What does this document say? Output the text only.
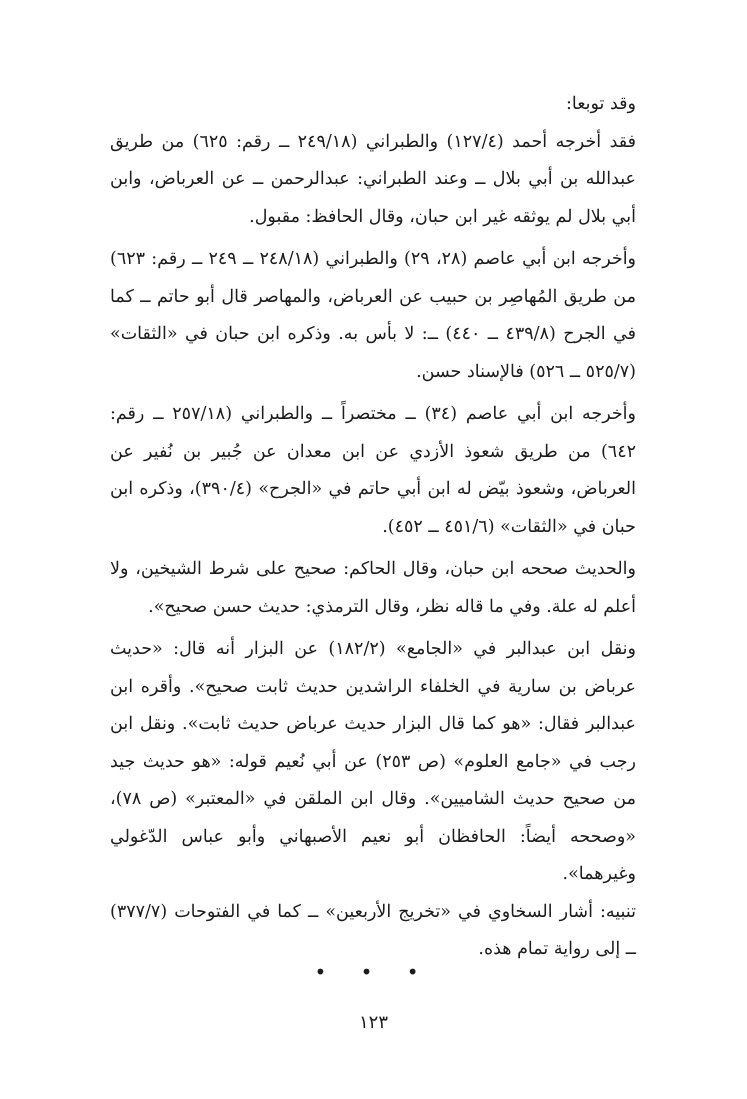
وقد توبعا:

فقد أخرجه أحمد (١٢٧/٤) والطبراني (٢٤٩/١٨ ــ رقم: ٦٢٥) من طريق عبدالله بن أبي بلال ــ وعند الطبراني: عبدالرحمن ــ عن العرباض، وابن أبي بلال لم يوثقه غير ابن حبان، وقال الحافظ: مقبول.

وأخرجه ابن أبي عاصم (٢٨، ٢٩) والطبراني (٢٤٨/١٨ ــ ٢٤٩ ــ رقم: ٦٢٣) من طريق المُهاصِر بن حبيب عن العرباض، والمهاصر قال أبو حاتم ــ كما في الجرح (٤٣٩/٨ ــ ٤٤٠) ــ: لا بأس به. وذكره ابن حبان في «الثقات» (٥٢٥/٧ ــ ٥٢٦) فالإسناد حسن.

وأخرجه ابن أبي عاصم (٣٤) ــ مختصراً ــ والطبراني (٢٥٧/١٨ ــ رقم: ٦٤٢) من طريق شعوذ الأزدي عن ابن معدان عن جُبير بن نُفير عن العرباض، وشعوذ بيّض له ابن أبي حاتم في «الجرح» (٣٩٠/٤)، وذكره ابن حبان في «الثقات» (٤٥١/٦ ــ ٤٥٢).

والحديث صححه ابن حبان، وقال الحاكم: صحيح على شرط الشيخين، ولا أعلم له علة. وفي ما قاله نظر، وقال الترمذي: حديث حسن صحيح».

ونقل ابن عبدالبر في «الجامع» (١٨٢/٢) عن البزار أنه قال: «حديث عرباض بن سارية في الخلفاء الراشدين حديث ثابت صحيح». وأقره ابن عبدالبر فقال: «هو كما قال البزار حديث عرباض حديث ثابت». ونقل ابن رجب في «جامع العلوم» (ص ٢٥٣) عن أبي نُعيم قوله: «هو حديث جيد من صحيح حديث الشاميين». وقال ابن الملقن في «المعتبر» (ص ٧٨)، «وصححه أيضاً: الحافظان أبو نعيم الأصبهاني وأبو عباس الدّغولي وغيرهما».

تنبيه: أشار السخاوي في «تخريج الأربعين» ــ كما في الفتوحات (٣٧٧/٧) ــ إلى رواية تمام هذه.

• • •
١٢٣
